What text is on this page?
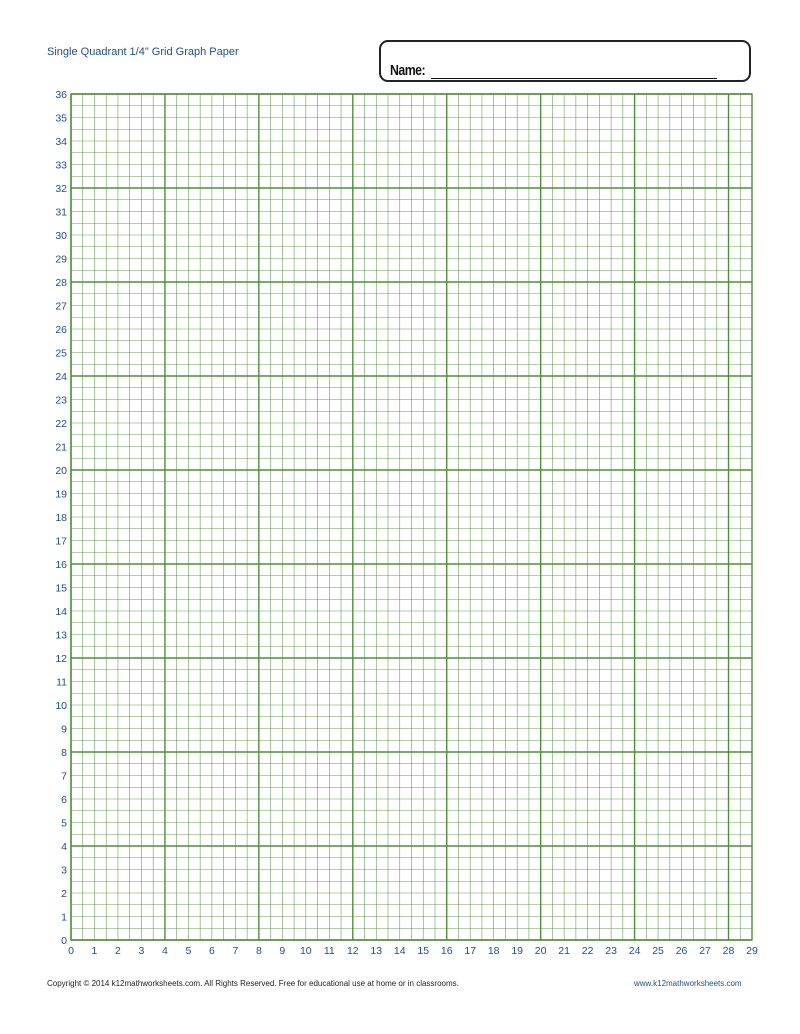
Single Quadrant 1/4" Grid Graph Paper
Name:
0 1 2 3 4 5 6 7 8 9 10 11 12 13 14 15 16 17 18 19 20 21 22 23 24 25 26 27 28 29
0
1
2
3
4
5
6
7
8
9
10
11
12
13
14
15
16
17
18
19
20
21
22
23
24
25
26
27
28
29
30
31
32
33
34
35
36
Copyright © 2014 k12mathworksheets.com. All Rights Reserved. Free for educational use at home or in classrooms.	www.k12mathworksheets.com
